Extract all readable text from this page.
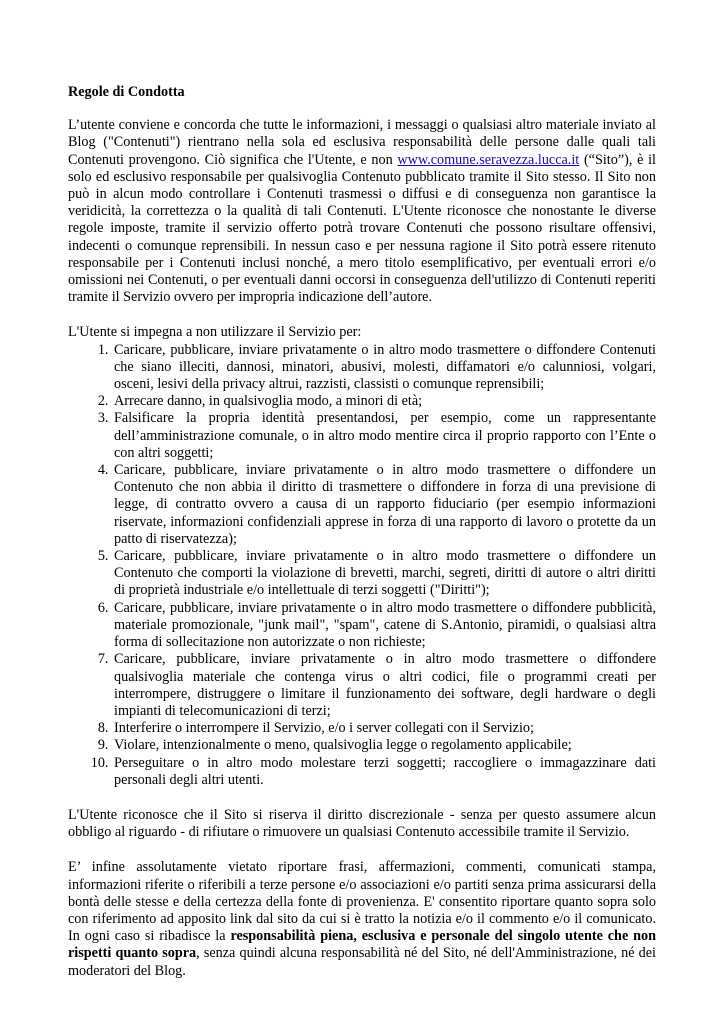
Regole di Condotta

L’utente conviene e concorda che tutte le informazioni, i messaggi o qualsiasi altro materiale inviato al Blog ("Contenuti") rientrano nella sola ed esclusiva responsabilità delle persone dalle quali tali Contenuti provengono. Ciò significa che l'Utente, e non www.comune.seravezza.lucca.it (“Sito”), è il solo ed esclusivo responsabile per qualsivoglia Contenuto pubblicato tramite il Sito stesso. Il Sito non può in alcun modo controllare i Contenuti trasmessi o diffusi e di conseguenza non garantisce la veridicità, la correttezza o la qualità di tali Contenuti. L'Utente riconosce che nonostante le diverse regole imposte, tramite il servizio offerto potrà trovare Contenuti che possono risultare offensivi, indecenti o comunque reprensibili. In nessun caso e per nessuna ragione il Sito potrà essere ritenuto responsabile per i Contenuti inclusi nonché, a mero titolo esemplificativo, per eventuali errori e/o omissioni nei Contenuti, o per eventuali danni occorsi in conseguenza dell'utilizzo di Contenuti reperiti tramite il Servizio ovvero per impropria indicazione dell’autore.

L'Utente si impegna a non utilizzare il Servizio per:

1. Caricare, pubblicare, inviare privatamente o in altro modo trasmettere o diffondere Contenuti che siano illeciti, dannosi, minatori, abusivi, molesti, diffamatori e/o calunniosi, volgari, osceni, lesivi della privacy altrui, razzisti, classisti o comunque reprensibili;
2. Arrecare danno, in qualsivoglia modo, a minori di età;
3. Falsificare la propria identità presentandosi, per esempio, come un rappresentante dell’amministrazione comunale, o in altro modo mentire circa il proprio rapporto con l’Ente o con altri soggetti;
4. Caricare, pubblicare, inviare privatamente o in altro modo trasmettere o diffondere un Contenuto che non abbia il diritto di trasmettere o diffondere in forza di una previsione di legge, di contratto ovvero a causa di un rapporto fiduciario (per esempio informazioni riservate, informazioni confidenziali apprese in forza di una rapporto di lavoro o protette da un patto di riservatezza);
5. Caricare, pubblicare, inviare privatamente o in altro modo trasmettere o diffondere un Contenuto che comporti la violazione di brevetti, marchi, segreti, diritti di autore o altri diritti di proprietà industriale e/o intellettuale di terzi soggetti ("Diritti");
6. Caricare, pubblicare, inviare privatamente o in altro modo trasmettere o diffondere pubblicità, materiale promozionale, "junk mail", "spam", catene di S.Antonio, piramidi, o qualsiasi altra forma di sollecitazione non autorizzate o non richieste;
7. Caricare, pubblicare, inviare privatamente o in altro modo trasmettere o diffondere qualsivoglia materiale che contenga virus o altri codici, file o programmi creati per interrompere, distruggere o limitare il funzionamento dei software, degli hardware o degli impianti di telecomunicazioni di terzi;
8. Interferire o interrompere il Servizio, e/o i server collegati con il Servizio;
9. Violare, intenzionalmente o meno, qualsivoglia legge o regolamento applicabile;
10. Perseguitare o in altro modo molestare terzi soggetti; raccogliere o immagazzinare dati personali degli altri utenti.

L'Utente riconosce che il Sito si riserva il diritto discrezionale - senza per questo assumere alcun obbligo al riguardo - di rifiutare o rimuovere un qualsiasi Contenuto accessibile tramite il Servizio.

E’ infine assolutamente vietato riportare frasi, affermazioni, commenti, comunicati stampa, informazioni riferite o riferibili a terze persone e/o associazioni e/o partiti senza prima assicurarsi della bontà delle stesse e della certezza della fonte di provenienza. E' consentito riportare quanto sopra solo con riferimento ad apposito link dal sito da cui si è tratto la notizia e/o il commento e/o il comunicato. In ogni caso si ribadisce la responsabilità piena, esclusiva e personale del singolo utente che non rispetti quanto sopra, senza quindi alcuna responsabilità né del Sito, né dell'Amministrazione, né dei moderatori del Blog.
